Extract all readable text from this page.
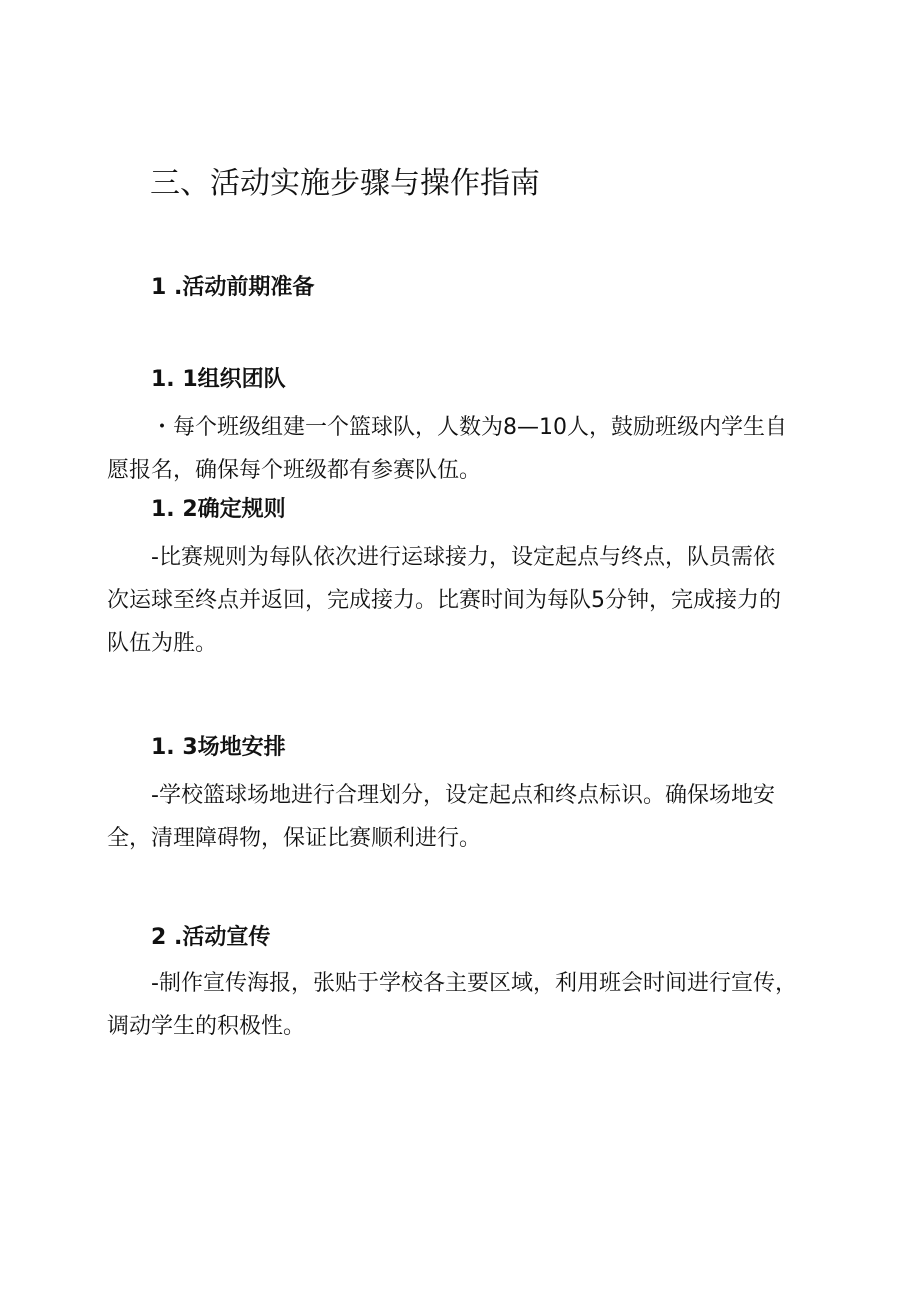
三、活动实施步骤与操作指南
1 .活动前期准备
1. 1组织团队
・每个班级组建一个篮球队，人数为8—10人，鼓励班级内学生自
愿报名，确保每个班级都有参赛队伍。
1. 2确定规则
-比赛规则为每队依次进行运球接力，设定起点与终点，队员需依
次运球至终点并返回，完成接力。比赛时间为每队5分钟，完成接力的
队伍为胜。
1. 3场地安排
-学校篮球场地进行合理划分，设定起点和终点标识。确保场地安
全，清理障碍物，保证比赛顺利进行。
2 .活动宣传
-制作宣传海报，张贴于学校各主要区域，利用班会时间进行宣传，
调动学生的积极性。
